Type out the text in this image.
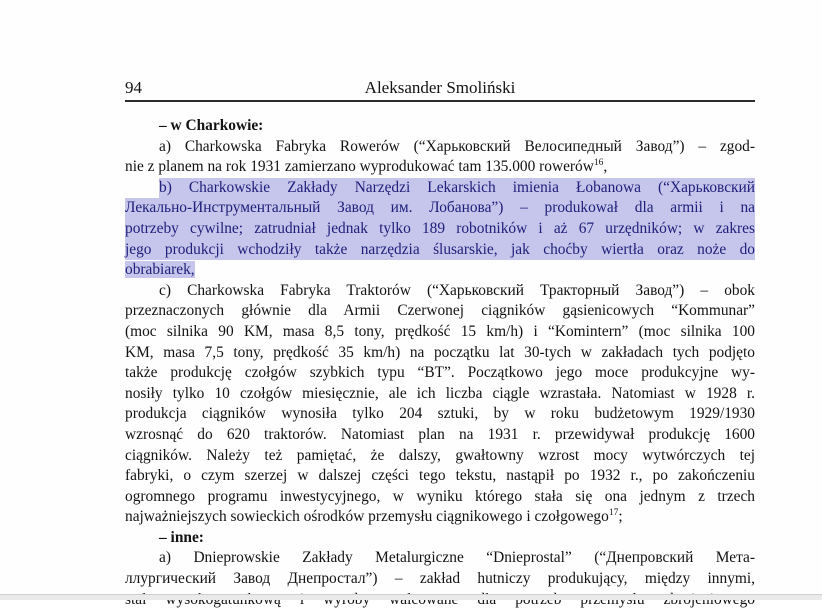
94	Aleksander Smoliński
– w Charkowie:
a) Charkowska Fabryka Rowerów (“Харьковский Велосипедный Завод”) – zgod-
nie z planem na rok 1931 zamierzano wyprodukować tam 135.000 rowerów$^{16}$,
b) Charkowskie Zakłady Narzędzi Lekarskich imienia Łobanowa (“Харьковский
Лекально-Инструментальный Завод им. Лобанова”) – produkował dla armii i na
potrzeby cywilne; zatrudniał jednak tylko 189 robotników i aż 67 urzędników; w zakres
jego produkcji wchodziły także narzędzia ślusarskie, jak choćby wiertła oraz noże do
obrabiarek,
c) Charkowska Fabryka Traktorów (“Харьковский Тракторный Завод”) – obok
przeznaczonych głównie dla Armii Czerwonej ciągników gąsienicowych “Kommunar”
(moc silnika 90 KM, masa 8,5 tony, prędkość 15 km/h) i “Komintern” (moc silnika 100
KM, masa 7,5 tony, prędkość 35 km/h) na początku lat 30-tych w zakładach tych podjęto
także produkcję czołgów szybkich typu “BT”. Początkowo jego moce produkcyjne wy-
nosiły tylko 10 czołgów miesięcznie, ale ich liczba ciągle wzrastała. Natomiast w 1928 r.
produkcja ciągników wynosiła tylko 204 sztuki, by w roku budżetowym 1929/1930
wzrosnąć do 620 traktorów. Natomiast plan na 1931 r. przewidywał produkcję 1600
ciągników. Należy też pamiętać, że dalszy, gwałtowny wzrost mocy wytwórczych tej
fabryki, o czym szerzej w dalszej części tego tekstu, nastąpił po 1932 r., po zakończeniu
ogromnego programu inwestycyjnego, w wyniku którego stała się ona jednym z trzech
najważniejszych sowieckich ośrodków przemysłu ciągnikowego i czołgowego$^{17}$;
– inne:
a) Dnieprowskie Zakłady Metalurgiczne “Dnieprostal” (“Днепровский Мета-
ллургический Завод Днепростал”) – zakład hutniczy produkujący, między innymi,
